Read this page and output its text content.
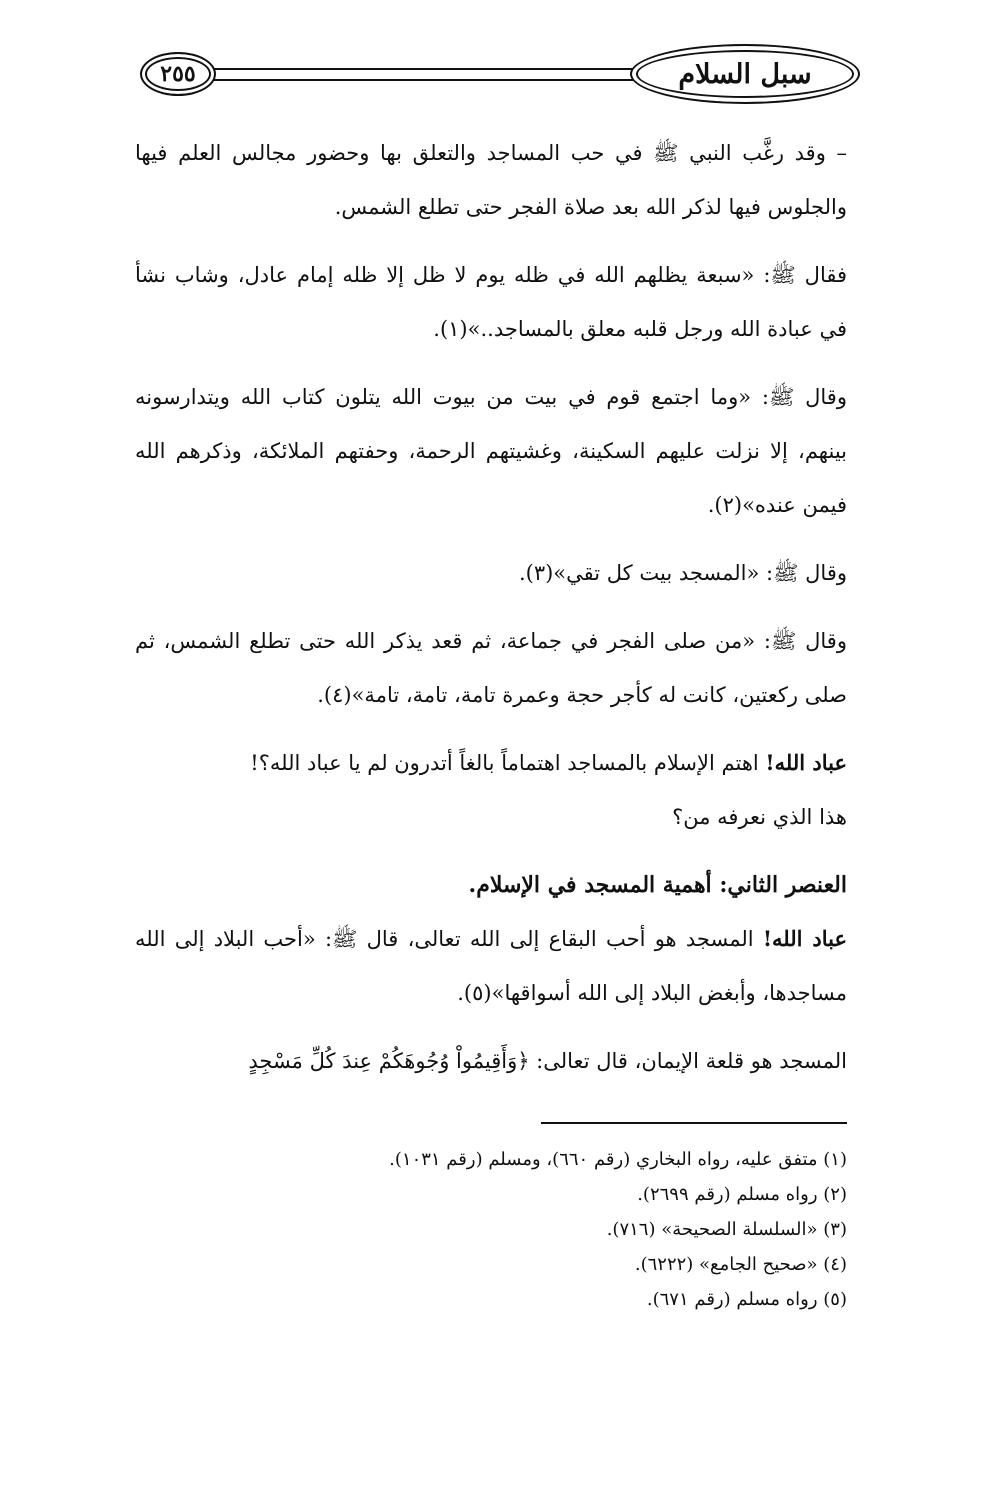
سبل السلام
٢٥٥

– وقد رغَّب النبي ﷺ في حب المساجد والتعلق بها وحضور مجالس العلم فيها والجلوس فيها لذكر الله بعد صلاة الفجر حتى تطلع الشمس.

فقال ﷺ: «سبعة يظلهم الله في ظله يوم لا ظل إلا ظله إمام عادل، وشاب نشأ في عبادة الله ورجل قلبه معلق بالمساجد..»(١).

وقال ﷺ: «وما اجتمع قوم في بيت من بيوت الله يتلون كتاب الله ويتدارسونه بينهم، إلا نزلت عليهم السكينة، وغشيتهم الرحمة، وحفتهم الملائكة، وذكرهم الله فيمن عنده»(٢).

وقال ﷺ: «المسجد بيت كل تقي»(٣).

وقال ﷺ: «من صلى الفجر في جماعة، ثم قعد يذكر الله حتى تطلع الشمس، ثم صلى ركعتين، كانت له كأجر حجة وعمرة تامة، تامة، تامة»(٤).

عباد الله! اهتم الإسلام بالمساجد اهتماماً بالغاً أتدرون لم يا عباد الله؟!

هذا الذي نعرفه من؟

العنصر الثاني: أهمية المسجد في الإسلام.

عباد الله! المسجد هو أحب البقاع إلى الله تعالى، قال ﷺ: «أحب البلاد إلى الله مساجدها، وأبغض البلاد إلى الله أسواقها»(٥).

المسجد هو قلعة الإيمان، قال تعالى: ﴿وَأَقِيمُواْ وُجُوهَكُمْ عِندَ كُلِّ مَسْجِدٍ

(١) متفق عليه، رواه البخاري (رقم ٦٦٠)، ومسلم (رقم ١٠٣١).
(٢) رواه مسلم (رقم ٢٦٩٩).
(٣) «السلسلة الصحيحة» (٧١٦).
(٤) «صحيح الجامع» (٦٢٢٢).
(٥) رواه مسلم (رقم ٦٧١).
